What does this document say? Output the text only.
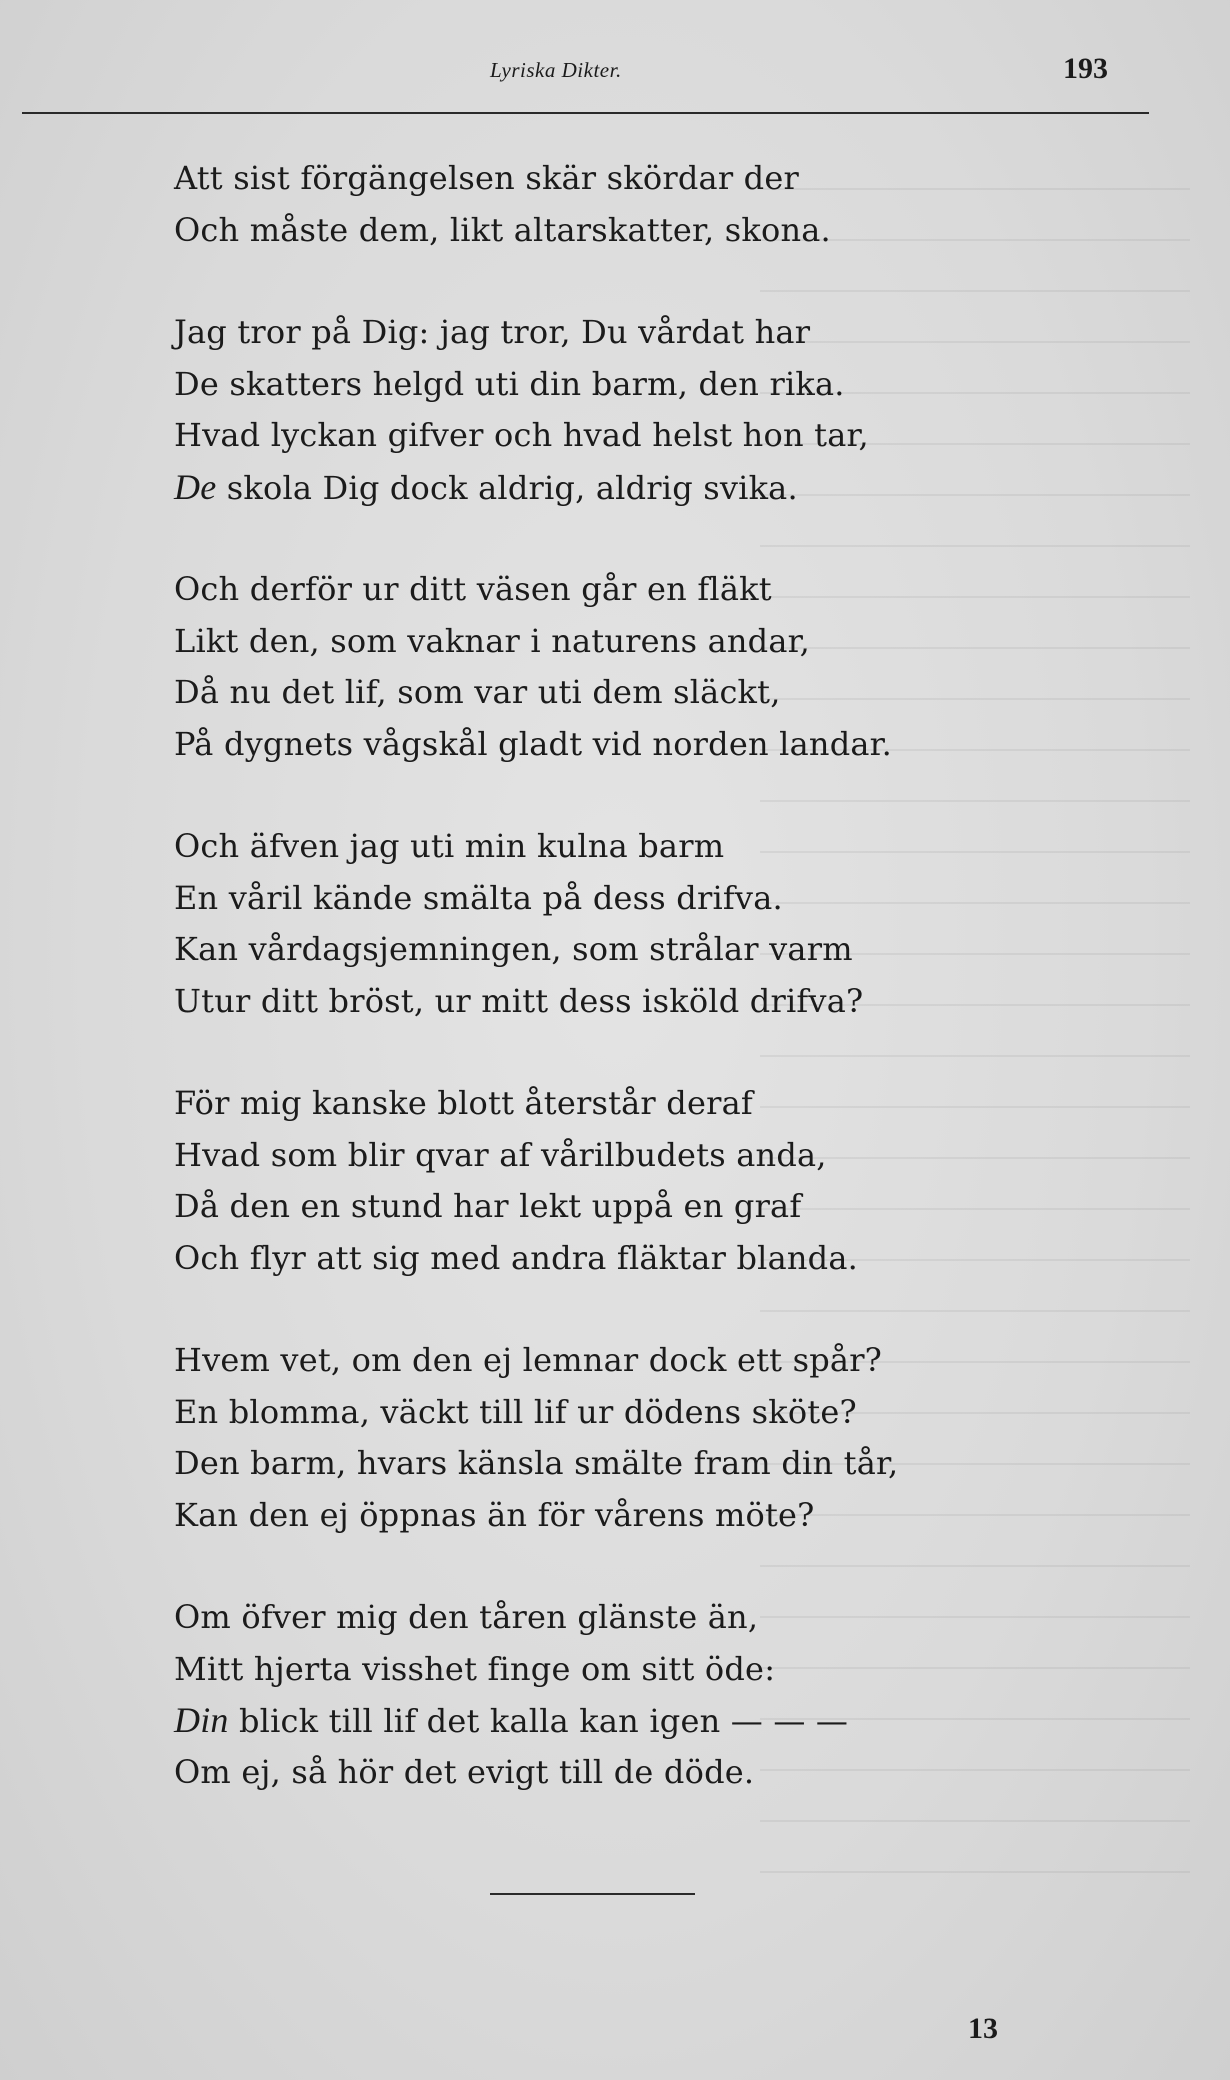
Lyriska Dikter.	193
Att sist förgängelsen skär skördar der
Och måste dem, likt altarskatter, skona.
Jag tror på Dig: jag tror, Du vårdat har
De skatters helgd uti din barm, den rika.
Hvad lyckan gifver och hvad helst hon tar,
De skola Dig dock aldrig, aldrig svika.
Och derför ur ditt väsen går en fläkt
Likt den, som vaknar i naturens andar,
Då nu det lif, som var uti dem släckt,
På dygnets vågskål gladt vid norden landar.
Och äfven jag uti min kulna barm
En våril kände smälta på dess drifva.
Kan vårdagsjemningen, som strålar varm
Utur ditt bröst, ur mitt dess isköld drifva?
För mig kanske blott återstår deraf
Hvad som blir qvar af vårilbudets anda,
Då den en stund har lekt uppå en graf
Och flyr att sig med andra fläktar blanda.
Hvem vet, om den ej lemnar dock ett spår?
En blomma, väckt till lif ur dödens sköte?
Den barm, hvars känsla smälte fram din tår,
Kan den ej öppnas än för vårens möte?
Om öfver mig den tåren glänste än,
Mitt hjerta visshet finge om sitt öde:
Din blick till lif det kalla kan igen — — —
Om ej, så hör det evigt till de döde.
13
